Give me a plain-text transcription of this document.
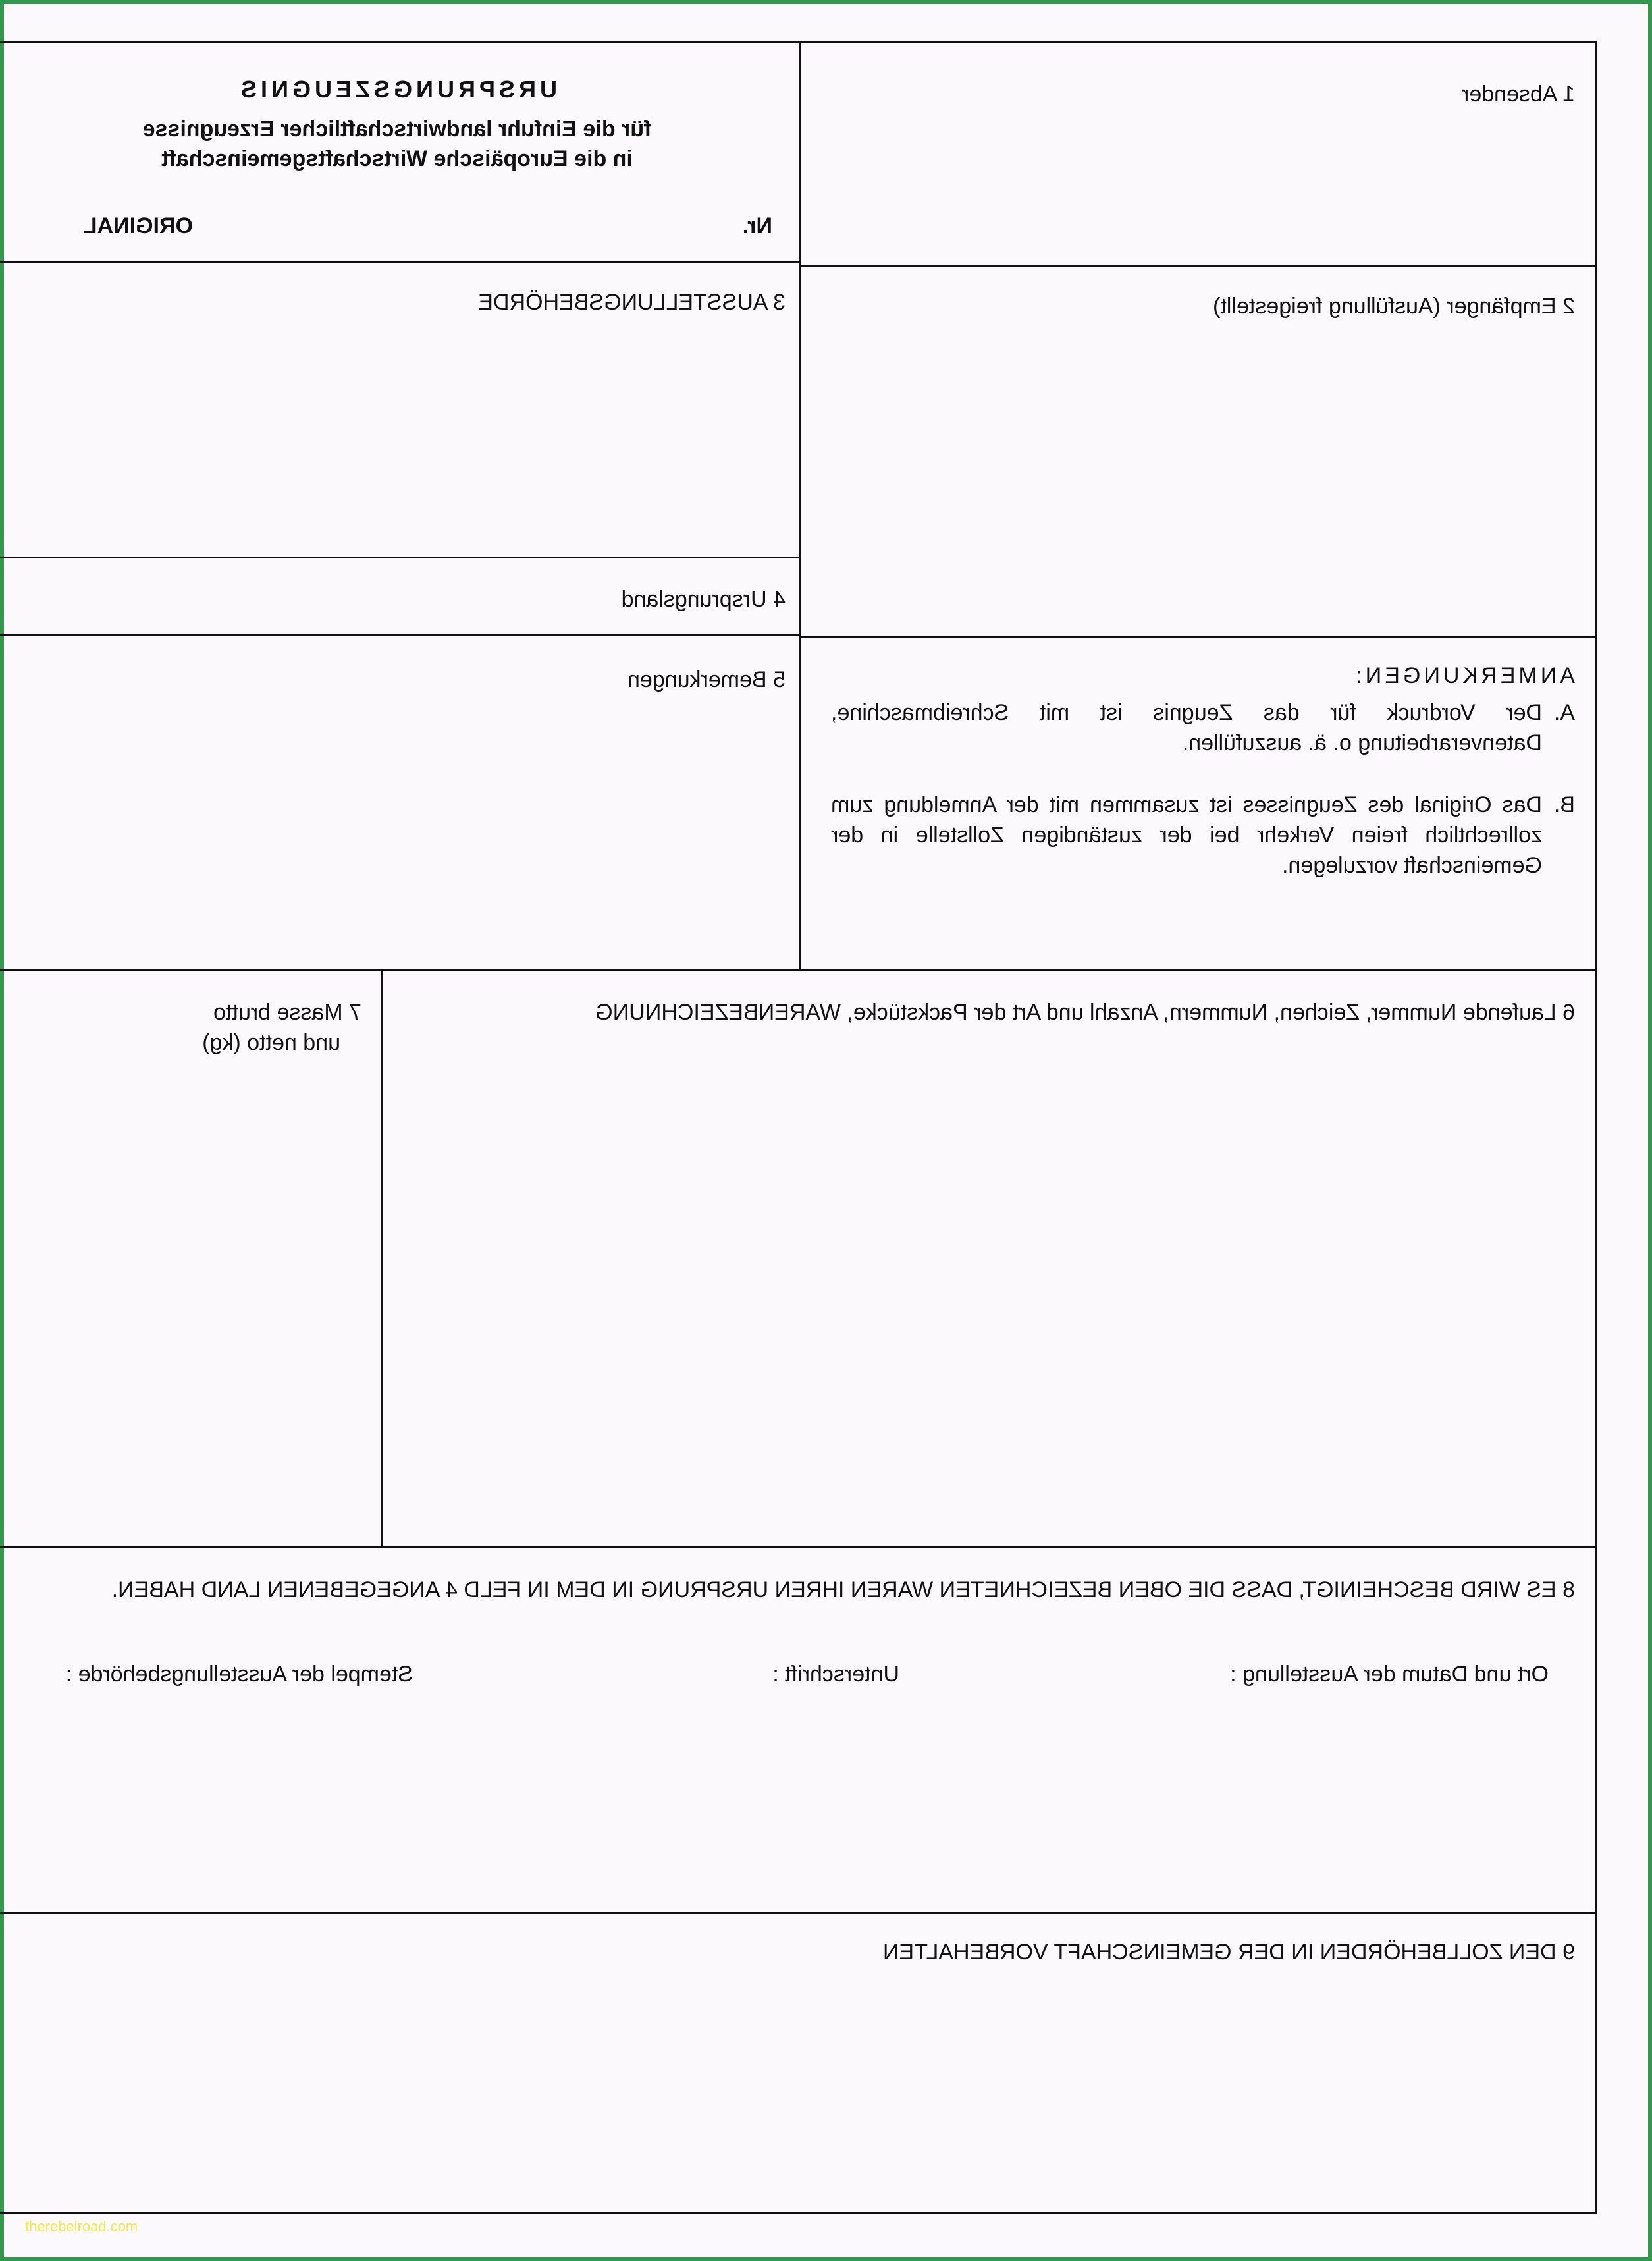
1 Absender
URSPRUNGSZEUGNIS
für die Einfuhr landwirtschaftlicher Erzeugnisse
in die Europäische Wirtschaftsgemeinschaft
Nr.
ORIGINAL
2 Empfänger (Ausfüllung freigestellt)
3 AUSSTELLUNGSBEHÖRDE
4 Ursprungsland
ANMERKUNGEN:
A.
Der Vordruck für das Zeugnis ist mit Schreibmaschine, Datenverarbeitung o. ä. auszufüllen.
B.
Das Original des Zeugnisses ist zusammen mit der Anmeldung zum zollrechtlich freien Verkehr bei der zuständigen Zollstelle in der Gemeinschaft vorzulegen.
5 Bemerkungen
6 Laufende Nummer, Zeichen, Nummern, Anzahl und Art der Packstücke, WARENBEZEICHNUNG
7 Masse brutto
und netto (kg)
8 ES WIRD BESCHEINIGT, DASS DIE OBEN BEZEICHNETEN WAREN IHREN URSPRUNG IN DEM IN FELD 4 ANGEGEBENEN LAND HABEN.
Ort und Datum der Ausstellung :
Unterschrift :
Stempel der Ausstellungsbehörde :
9 DEN ZOLLBEHÖRDEN IN DER GEMEINSCHAFT VORBEHALTEN
therebelroad.com
